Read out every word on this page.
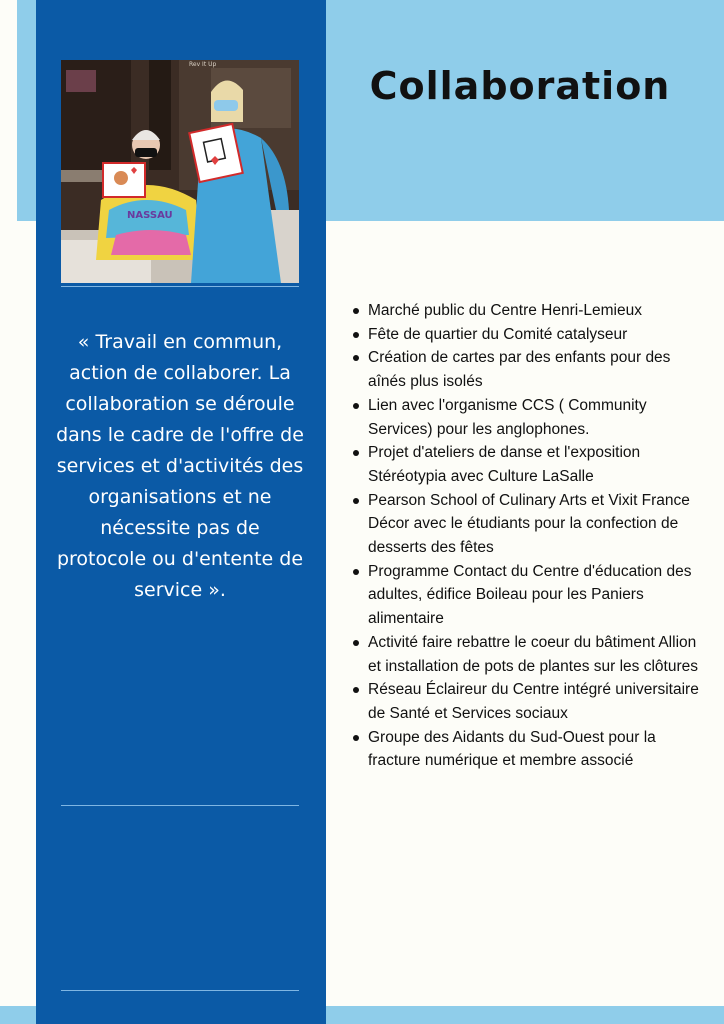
Rev It Up
NASSAU

« Travail en commun, action de collaborer. La collaboration se déroule dans le cadre de l'offre de services et d'activités des organisations et ne nécessite pas de protocole ou d'entente de service ».

Collaboration
Marché public du Centre Henri-Lemieux
Fête de quartier du Comité catalyseur
Création de cartes par des enfants pour des aînés plus isolés
Lien avec l'organisme CCS ( Community Services) pour les anglophones.
Projet d'ateliers de danse et l'exposition Stéréotypia avec Culture LaSalle
Pearson School of Culinary Arts et Vixit France Décor avec le étudiants pour la confection de desserts des fêtes
Programme Contact du Centre d'éducation des adultes, édifice Boileau pour les Paniers alimentaire
Activité faire rebattre le coeur du bâtiment Allion et installation de pots de plantes sur les clôtures
Réseau Éclaireur du Centre intégré universitaire de Santé et Services sociaux
Groupe des Aidants du Sud-Ouest pour la fracture numérique et membre associé
